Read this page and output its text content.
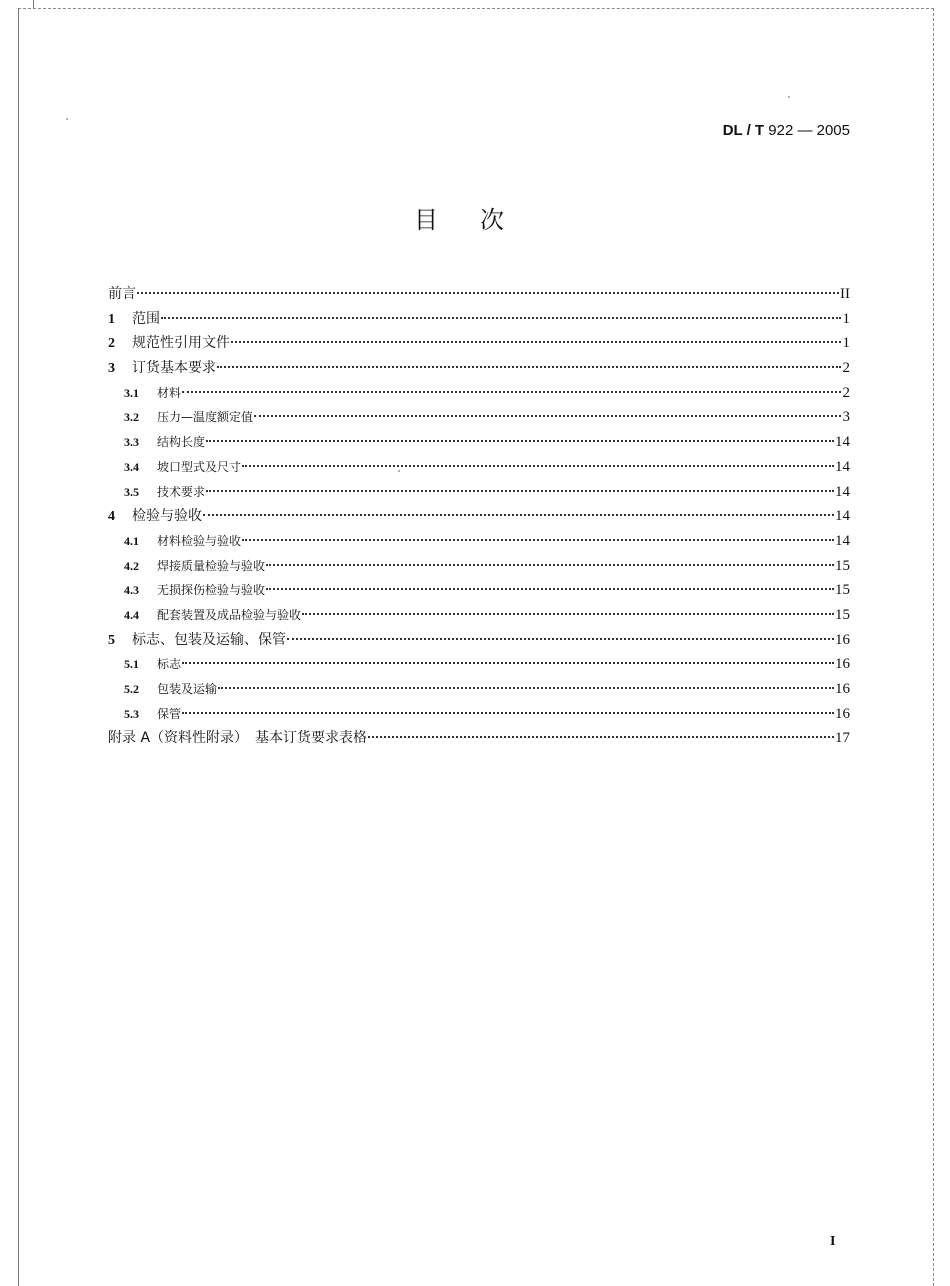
DL / T 922 — 2005
目次
前言	II
1	范围	1
2	规范性引用文件	1
3	订货基本要求	2
3.1	材料	2
3.2	压力—温度额定值	3
3.3	结构长度	14
3.4	坡口型式及尺寸	14
3.5	技术要求	14
4	检验与验收	14
4.1	材料检验与验收	14
4.2	焊接质量检验与验收	15
4.3	无损探伤检验与验收	15
4.4	配套装置及成品检验与验收	15
5	标志、包装及运输、保管	16
5.1	标志	16
5.2	包装及运输	16
5.3	保管	16
附录 A（资料性附录）　基本订货要求表格	17
I
